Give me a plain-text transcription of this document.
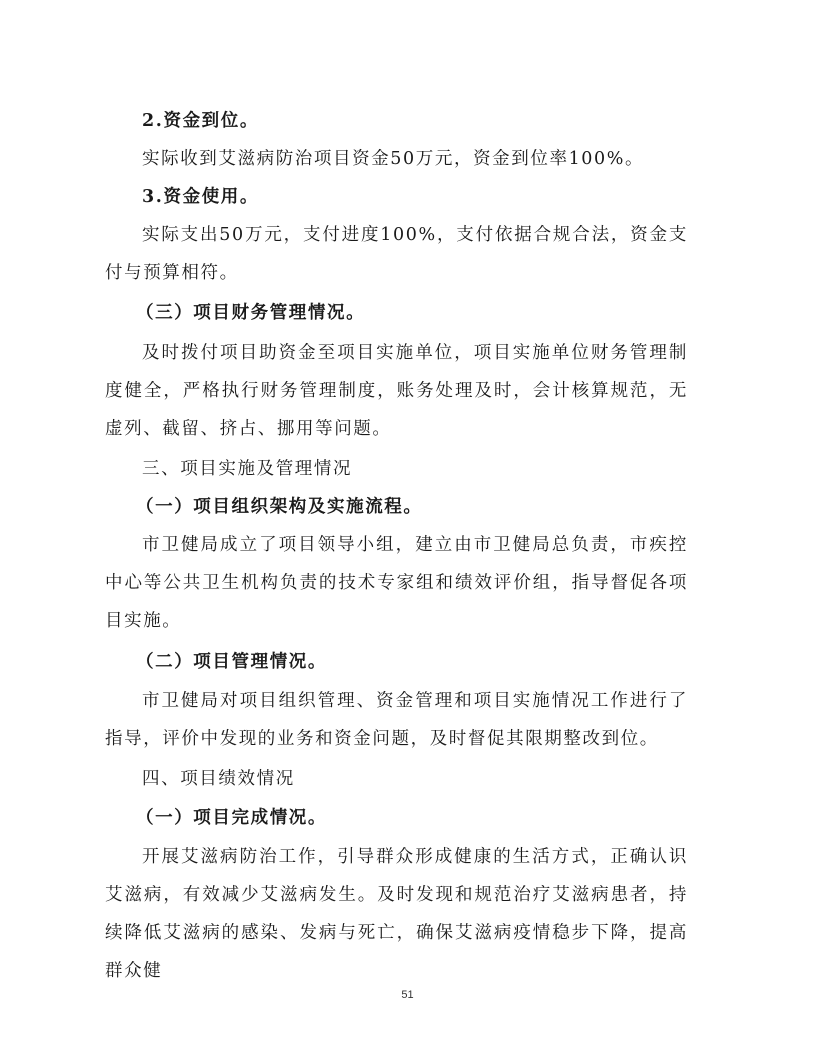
2.资金到位。
实际收到艾滋病防治项目资金50万元，资金到位率100%。
3.资金使用。
实际支出50万元，支付进度100%，支付依据合规合法，资金支付与预算相符。
（三）项目财务管理情况。
及时拨付项目助资金至项目实施单位，项目实施单位财务管理制度健全，严格执行财务管理制度，账务处理及时，会计核算规范，无虚列、截留、挤占、挪用等问题。
三、项目实施及管理情况
（一）项目组织架构及实施流程。
市卫健局成立了项目领导小组，建立由市卫健局总负责，市疾控中心等公共卫生机构负责的技术专家组和绩效评价组，指导督促各项目实施。
（二）项目管理情况。
市卫健局对项目组织管理、资金管理和项目实施情况工作进行了指导，评价中发现的业务和资金问题，及时督促其限期整改到位。
四、项目绩效情况
（一）项目完成情况。
开展艾滋病防治工作，引导群众形成健康的生活方式，正确认识艾滋病，有效减少艾滋病发生。及时发现和规范治疗艾滋病患者，持续降低艾滋病的感染、发病与死亡，确保艾滋病疫情稳步下降，提高群众健
51
